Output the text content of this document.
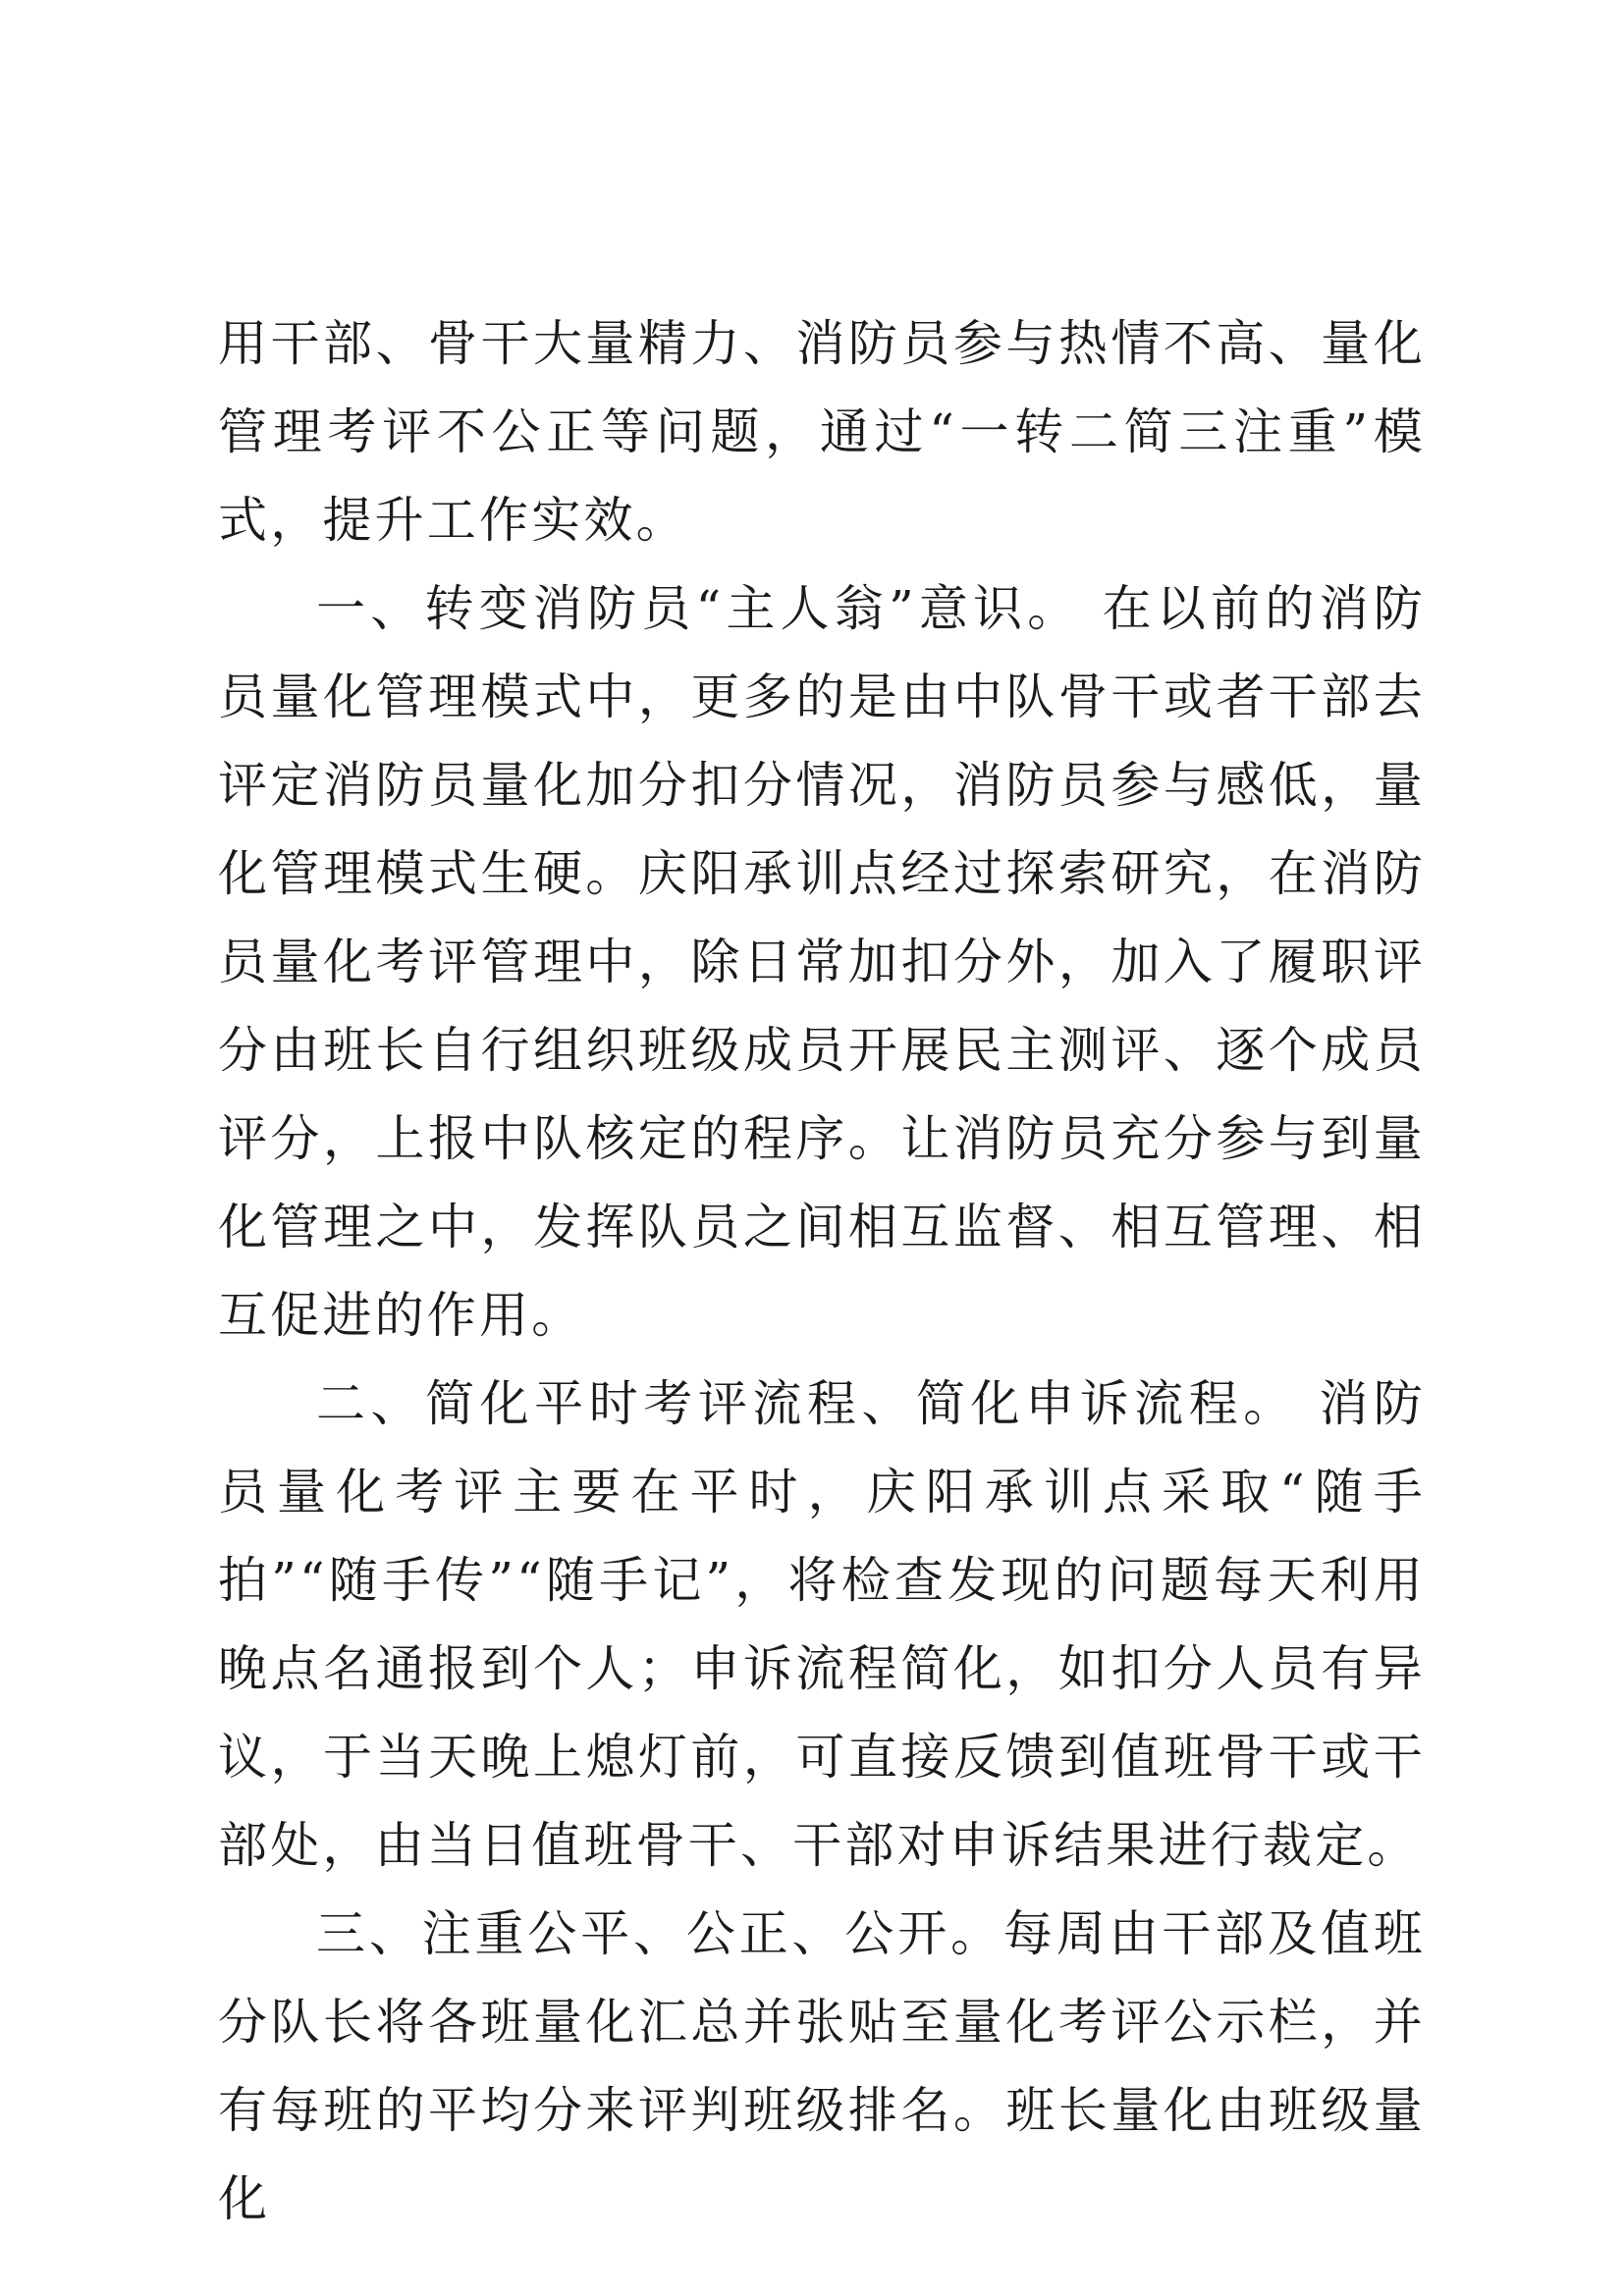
用干部、骨干大量精力、消防员参与热情不高、量化管理考评不公正等问题，通过“一转二简三注重”模式，提升工作实效。

一、转变消防员“主人翁”意识。 在以前的消防员量化管理模式中，更多的是由中队骨干或者干部去评定消防员量化加分扣分情况，消防员参与感低，量化管理模式生硬。庆阳承训点经过探索研究，在消防员量化考评管理中，除日常加扣分外，加入了履职评分由班长自行组织班级成员开展民主测评、逐个成员评分，上报中队核定的程序。让消防员充分参与到量化管理之中，发挥队员之间相互监督、相互管理、相互促进的作用。

二、简化平时考评流程、简化申诉流程。 消防员量化考评主要在平时，庆阳承训点采取“随手拍”“随手传”“随手记”，将检查发现的问题每天利用晚点名通报到个人；申诉流程简化，如扣分人员有异议，于当天晚上熄灯前，可直接反馈到值班骨干或干部处，由当日值班骨干、干部对申诉结果进行裁定。

三、注重公平、公正、公开。每周由干部及值班分队长将各班量化汇总并张贴至量化考评公示栏，并有每班的平均分来评判班级排名。班长量化由班级量化
